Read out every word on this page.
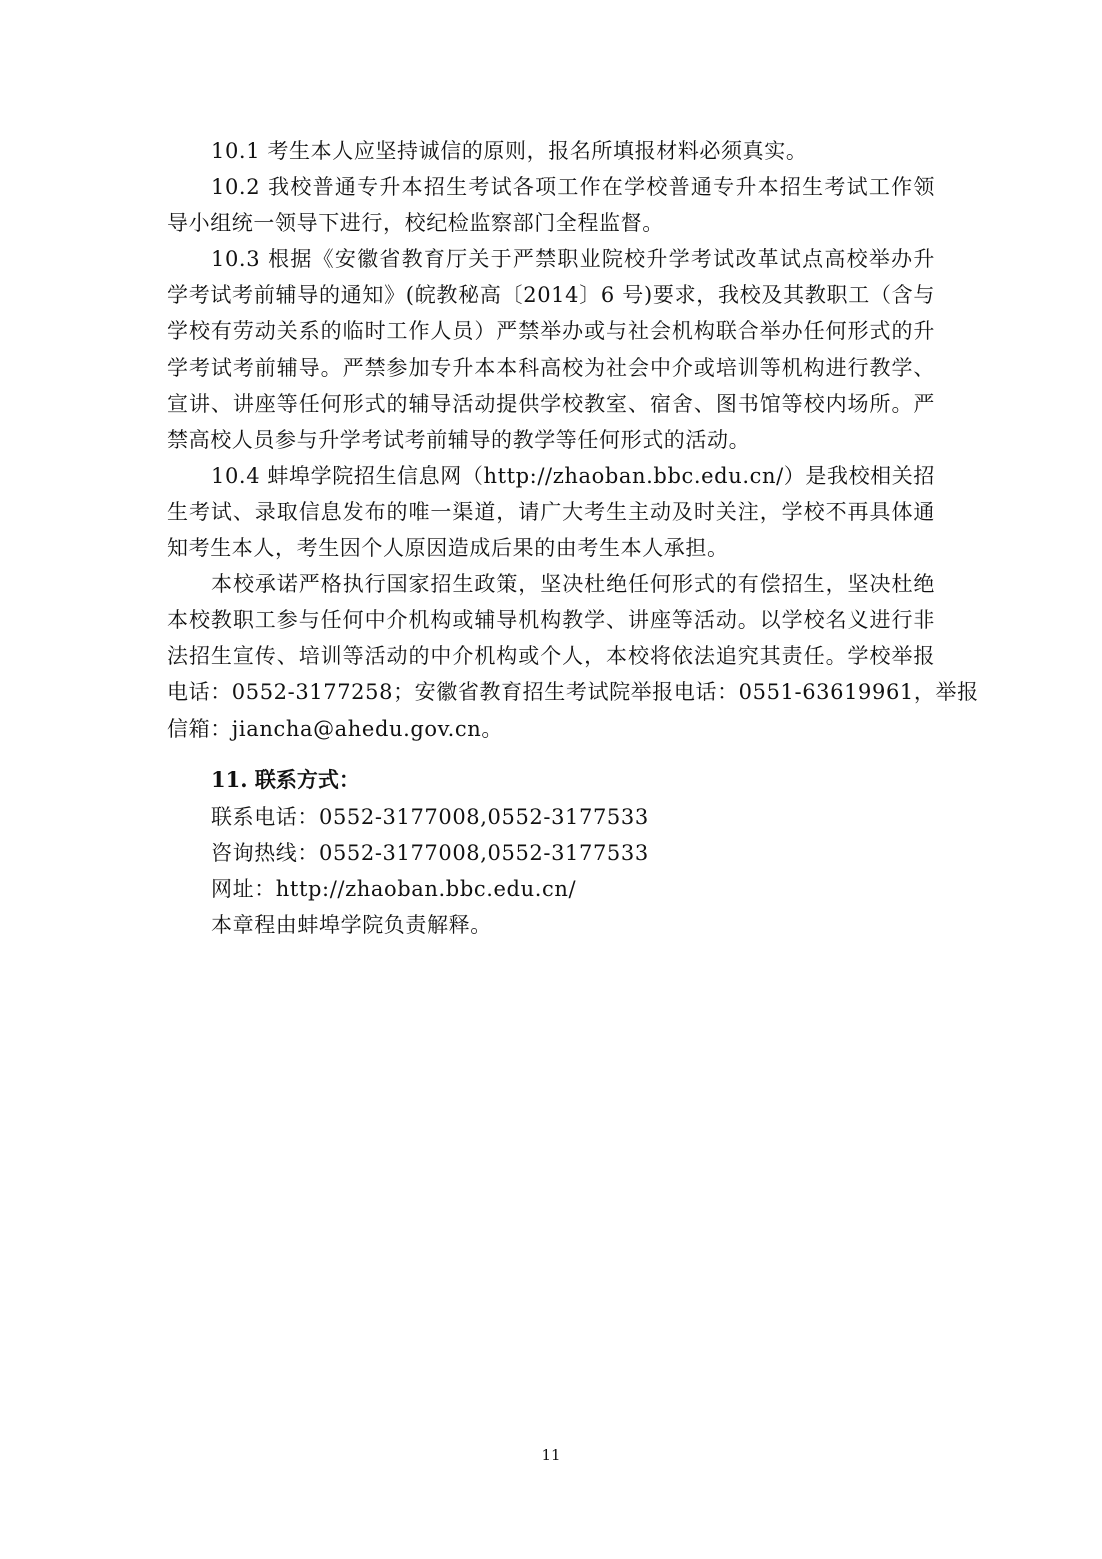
10.1 考生本人应坚持诚信的原则，报名所填报材料必须真实。
10.2 我校普通专升本招生考试各项工作在学校普通专升本招生考试工作领
导小组统一领导下进行，校纪检监察部门全程监督。
10.3 根据《安徽省教育厅关于严禁职业院校升学考试改革试点高校举办升
学考试考前辅导的通知》(皖教秘高〔2014〕6 号)要求，我校及其教职工（含与
学校有劳动关系的临时工作人员）严禁举办或与社会机构联合举办任何形式的升
学考试考前辅导。严禁参加专升本本科高校为社会中介或培训等机构进行教学、
宣讲、讲座等任何形式的辅导活动提供学校教室、宿舍、图书馆等校内场所。严
禁高校人员参与升学考试考前辅导的教学等任何形式的活动。
10.4 蚌埠学院招生信息网（http://zhaoban.bbc.edu.cn/）是我校相关招
生考试、录取信息发布的唯一渠道，请广大考生主动及时关注，学校不再具体通
知考生本人，考生因个人原因造成后果的由考生本人承担。
本校承诺严格执行国家招生政策，坚决杜绝任何形式的有偿招生，坚决杜绝
本校教职工参与任何中介机构或辅导机构教学、讲座等活动。以学校名义进行非
法招生宣传、培训等活动的中介机构或个人，本校将依法追究其责任。学校举报
电话：0552-3177258；安徽省教育招生考试院举报电话：0551-63619961，举报
信箱：jiancha@ahedu.gov.cn。
11. 联系方式：
联系电话：0552-3177008,0552-3177533
咨询热线：0552-3177008,0552-3177533
网址：http://zhaoban.bbc.edu.cn/
本章程由蚌埠学院负责解释。
11
